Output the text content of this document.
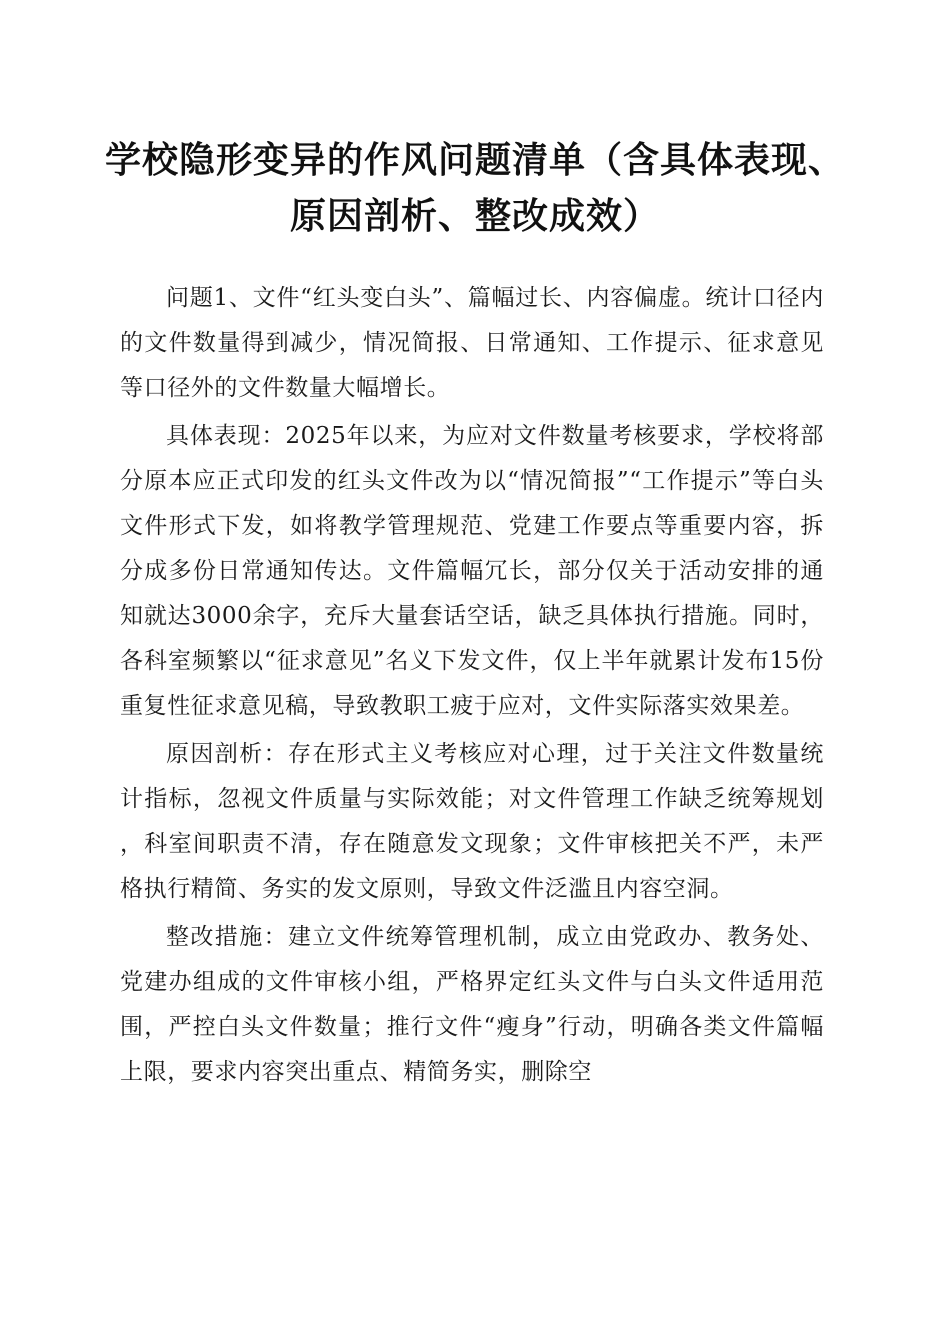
学校隐形变异的作风问题清单（含具体表现、
原因剖析、整改成效）

问题1、文件“红头变白头”、篇幅过长、内容偏虚。统计口径内的文件数量得到减少，情况简报、日常通知、工作提示、征求意见等口径外的文件数量大幅增长。

具体表现：2025年以来，为应对文件数量考核要求，学校将部分原本应正式印发的红头文件改为以“情况简报”“工作提示”等白头文件形式下发，如将教学管理规范、党建工作要点等重要内容，拆分成多份日常通知传达。文件篇幅冗长，部分仅关于活动安排的通知就达3000余字，充斥大量套话空话，缺乏具体执行措施。同时，各科室频繁以“征求意见”名义下发文件，仅上半年就累计发布15份重复性征求意见稿，导致教职工疲于应对，文件实际落实效果差。

原因剖析：存在形式主义考核应对心理，过于关注文件数量统计指标，忽视文件质量与实际效能；对文件管理工作缺乏统筹规划，科室间职责不清，存在随意发文现象；文件审核把关不严，未严格执行精简、务实的发文原则，导致文件泛滥且内容空洞。

整改措施：建立文件统筹管理机制，成立由党政办、教务处、党建办组成的文件审核小组，严格界定红头文件与白头文件适用范围，严控白头文件数量；推行文件“瘦身”行动，明确各类文件篇幅上限，要求内容突出重点、精简务实，删除空
